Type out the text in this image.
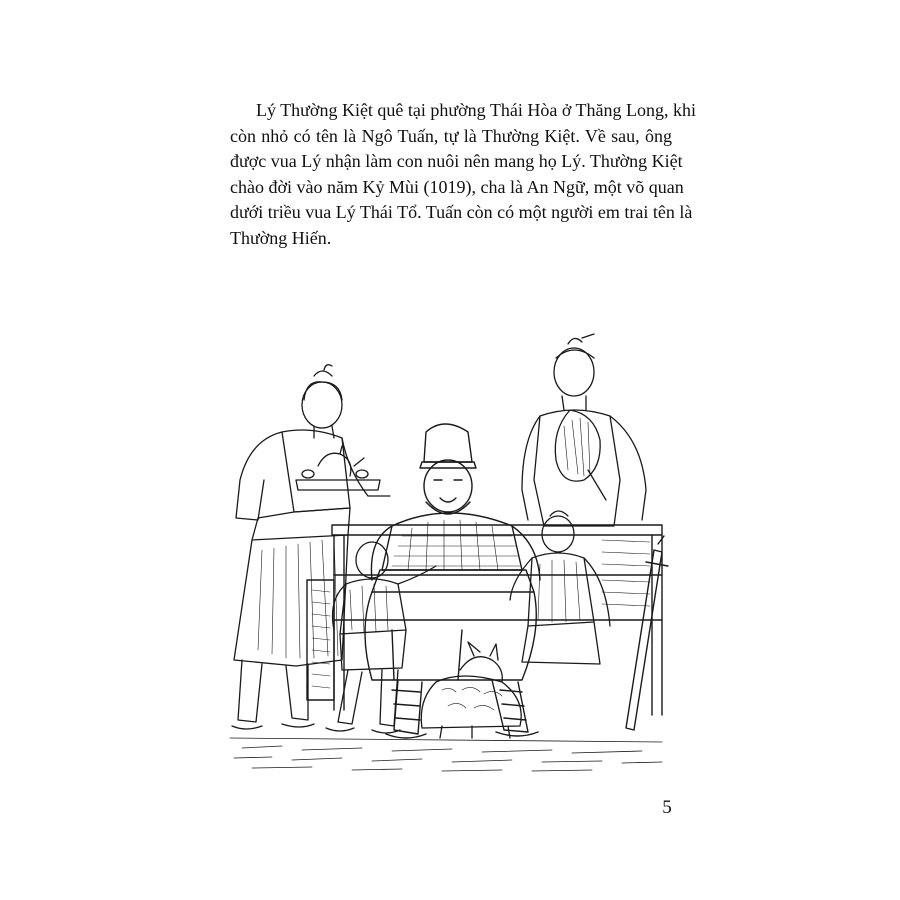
Lý Thường Kiệt quê tại phường Thái Hòa ở Thăng Long, khi
còn nhỏ có tên là Ngô Tuấn, tự là Thường Kiệt. Về sau, ông
được vua Lý nhận làm con nuôi nên mang họ Lý. Thường Kiệt
chào đời vào năm Kỷ Mùi (1019), cha là An Ngữ, một võ quan
dưới triều vua Lý Thái Tổ. Tuấn còn có một người em trai tên là
Thường Hiến.
5
